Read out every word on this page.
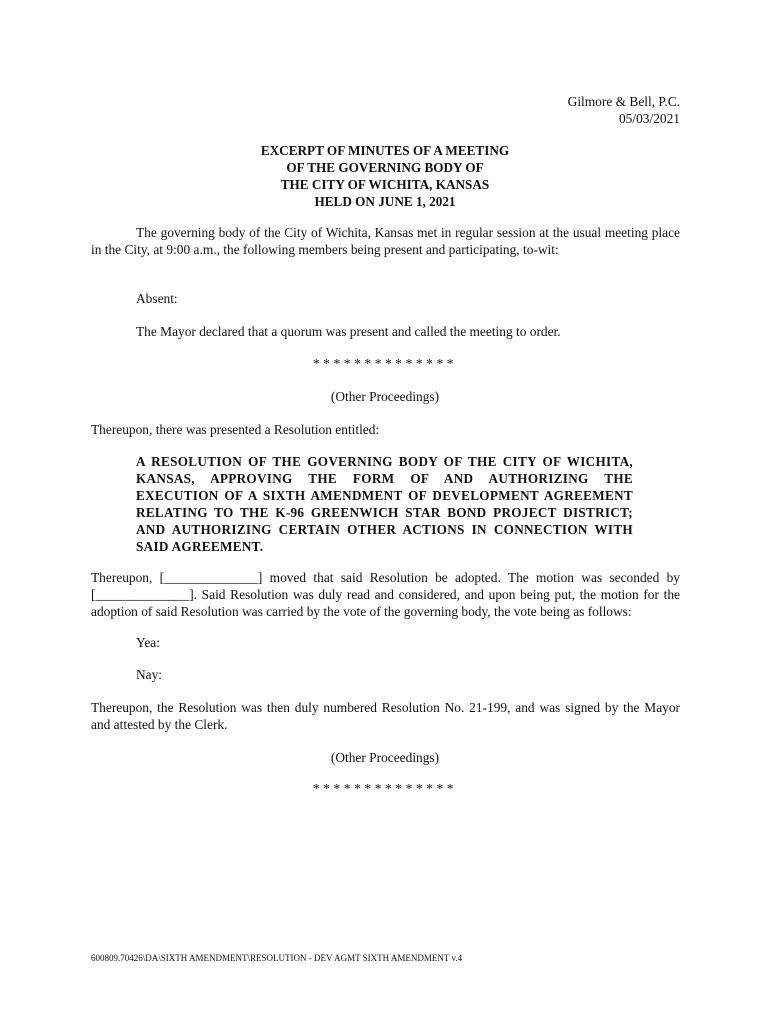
Gilmore & Bell, P.C.
05/03/2021
EXCERPT OF MINUTES OF A MEETING
OF THE GOVERNING BODY OF
THE CITY OF WICHITA, KANSAS
HELD ON JUNE 1, 2021
The governing body of the City of Wichita, Kansas met in regular session at the usual meeting place in the City, at 9:00 a.m., the following members being present and participating, to-wit:
Absent:
The Mayor declared that a quorum was present and called the meeting to order.
**************
(Other Proceedings)
Thereupon, there was presented a Resolution entitled:
A RESOLUTION OF THE GOVERNING BODY OF THE CITY OF WICHITA, KANSAS, APPROVING THE FORM OF AND AUTHORIZING THE EXECUTION OF A SIXTH AMENDMENT OF DEVELOPMENT AGREEMENT RELATING TO THE K-96 GREENWICH STAR BOND PROJECT DISTRICT; AND AUTHORIZING CERTAIN OTHER ACTIONS IN CONNECTION WITH SAID AGREEMENT.
Thereupon, [______________] moved that said Resolution be adopted. The motion was seconded by [______________]. Said Resolution was duly read and considered, and upon being put, the motion for the adoption of said Resolution was carried by the vote of the governing body, the vote being as follows:
Yea:
Nay:
Thereupon, the Resolution was then duly numbered Resolution No. 21-199, and was signed by the Mayor and attested by the Clerk.
(Other Proceedings)
**************
600809.70426\DA\SIXTH AMENDMENT\RESOLUTION - DEV AGMT SIXTH AMENDMENT v.4
